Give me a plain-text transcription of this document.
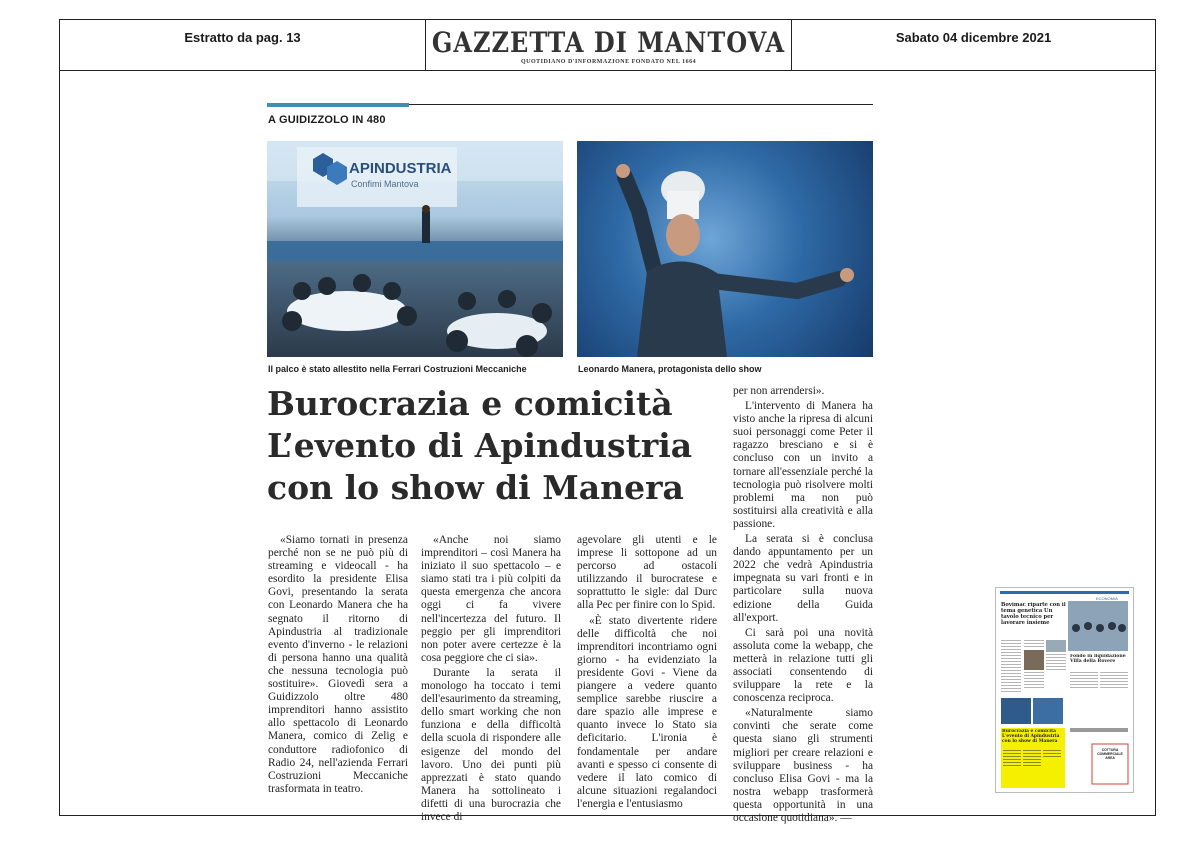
Estratto da pag. 13	GAZZETTA DI MANTOVA
QUOTIDIANO D'INFORMAZIONE FONDATO NEL 1664
Sabato 04 dicembre 2021
A GUIDIZZOLO IN 480
APINDUSTRIA
Confimi Mantova
Il palco è stato allestito nella Ferrari Costruzioni Meccaniche	Leonardo Manera, protagonista dello show
Burocrazia e comicità
L’evento di Apindustria
con lo show di Manera

«Siamo tornati in presenza perché non se ne può più di streaming e videocall - ha esordito la presidente Elisa Govi, presentando la serata con Leonardo Manera che ha segnato il ritorno di Apindustria al tradizionale evento d'inverno - le relazioni di persona hanno una qualità che nessuna tecnologia può sostituire». Giovedì sera a Guidizzolo oltre 480 imprenditori hanno assistito allo spettacolo di Leonardo Manera, comico di Zelig e conduttore radiofonico di Radio 24, nell'azienda Ferrari Costruzioni Meccaniche trasformata in teatro.

«Anche noi siamo imprenditori – così Manera ha iniziato il suo spettacolo – e siamo stati tra i più colpiti da questa emergenza che ancora oggi ci fa vivere nell'incertezza del futuro. Il peggio per gli imprenditori non poter avere certezze è la cosa peggiore che ci sia».

Durante la serata il monologo ha toccato i temi dell'esaurimento da streaming, dello smart working che non funziona e della difficoltà della scuola di rispondere alle esigenze del mondo del lavoro. Uno dei punti più apprezzati è stato quando Manera ha sottolineato i difetti di una burocrazia che invece di

agevolare gli utenti e le imprese li sottopone ad un percorso ad ostacoli utilizzando il burocratese e soprattutto le sigle: dal Durc alla Pec per finire con lo Spid.

«È stato divertente ridere delle difficoltà che noi imprenditori incontriamo ogni giorno - ha evidenziato la presidente Govi - Viene da piangere a vedere quanto semplice sarebbe riuscire a dare spazio alle imprese e quanto invece lo Stato sia deficitario. L'ironia è fondamentale per andare avanti e spesso ci consente di vedere il lato comico di alcune situazioni regalandoci l'energia e l'entusiasmo

per non arrendersi».

L'intervento di Manera ha visto anche la ripresa di alcuni suoi personaggi come Peter il ragazzo bresciano e si è concluso con un invito a tornare all'essenziale perché la tecnologia può risolvere molti problemi ma non può sostituirsi alla creatività e alla passione.

La serata si è conclusa dando appuntamento per un 2022 che vedrà Apindustria impegnata su vari fronti e in particolare sulla nuova edizione della Guida all'export.

Ci sarà poi una novità assoluta come la webapp, che metterà in relazione tutti gli associati consentendo di sviluppare la rete e la conoscenza reciproca.

«Naturalmente siamo convinti che serate come questa siano gli strumenti migliori per creare relazioni e sviluppare business - ha concluso Elisa Govi - ma la nostra webapp trasformerà questa opportunità in una occasione quotidiana». —

ECONOMIA
Bovimac riparte con il tema genetica Un tavolo tecnico per lavorare insieme
Fondo in liquidazione Villa della Rovere
Burocrazia e comicità L'evento di Apindustria con lo show di Manera
COTTURA COMMERCIALE AREA
